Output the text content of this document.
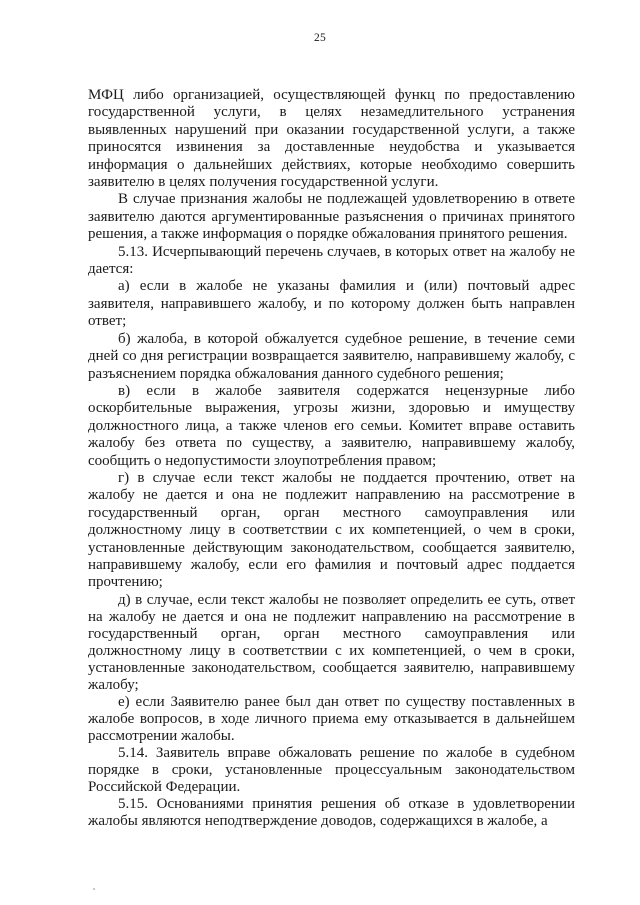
25

МФЦ либо организацией, осуществляющей функц по предоставлению государственной услуги, в целях незамедлительного устранения выявленных нарушений при оказании государственной услуги, а также приносятся извинения за доставленные неудобства и указывается информация о дальнейших действиях, которые необходимо совершить заявителю в целях получения государственной услуги.

В случае признания жалобы не подлежащей удовлетворению в ответе заявителю даются аргументированные разъяснения о причинах принятого решения, а также информация о порядке обжалования принятого решения.

5.13. Исчерпывающий перечень случаев, в которых ответ на жалобу не дается:

а) если в жалобе не указаны фамилия и (или) почтовый адрес заявителя, направившего жалобу, и по которому должен быть направлен ответ;

б) жалоба, в которой обжалуется судебное решение, в течение семи дней со дня регистрации возвращается заявителю, направившему жалобу, с разъяснением порядка обжалования данного судебного решения;

в) если в жалобе заявителя содержатся нецензурные либо оскорбительные выражения, угрозы жизни, здоровью и имуществу должностного лица, а также членов его семьи. Комитет вправе оставить жалобу без ответа по существу, а заявителю, направившему жалобу, сообщить о недопустимости злоупотребления правом;

г) в случае если текст жалобы не поддается прочтению, ответ на жалобу не дается и она не подлежит направлению на рассмотрение в государственный орган, орган местного самоуправления или должностному лицу в соответствии с их компетенцией, о чем в сроки, установленные действующим законодательством, сообщается заявителю, направившему жалобу, если его фамилия и почтовый адрес поддается прочтению;

д) в случае, если текст жалобы не позволяет определить ее суть, ответ на жалобу не дается и она не подлежит направлению на рассмотрение в государственный орган, орган местного самоуправления или должностному лицу в соответствии с их компетенцией, о чем в сроки, установленные законодательством, сообщается заявителю, направившему жалобу;

е) если Заявителю ранее был дан ответ по существу поставленных в жалобе вопросов, в ходе личного приема ему отказывается в дальнейшем рассмотрении жалобы.

5.14. Заявитель вправе обжаловать решение по жалобе в судебном порядке в сроки, установленные процессуальным законодательством Российской Федерации.

5.15. Основаниями принятия решения об отказе в удовлетворении жалобы являются неподтверждение доводов, содержащихся в жалобе, а
